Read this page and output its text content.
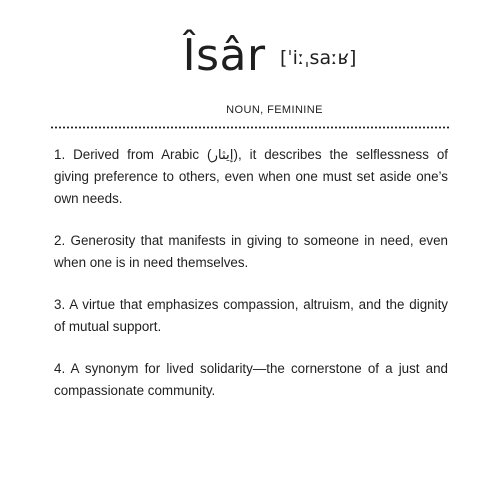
Îsâr [ˈiːˌsaːʁ]
NOUN, FEMININE
1. Derived from Arabic (إيثار), it describes the selflessness of giving preference to others, even when one must set aside one’s own needs.
2. Generosity that manifests in giving to someone in need, even when one is in need themselves.
3. A virtue that emphasizes compassion, altruism, and the dignity of mutual support.
4. A synonym for lived solidarity—the cornerstone of a just and compassionate community.
